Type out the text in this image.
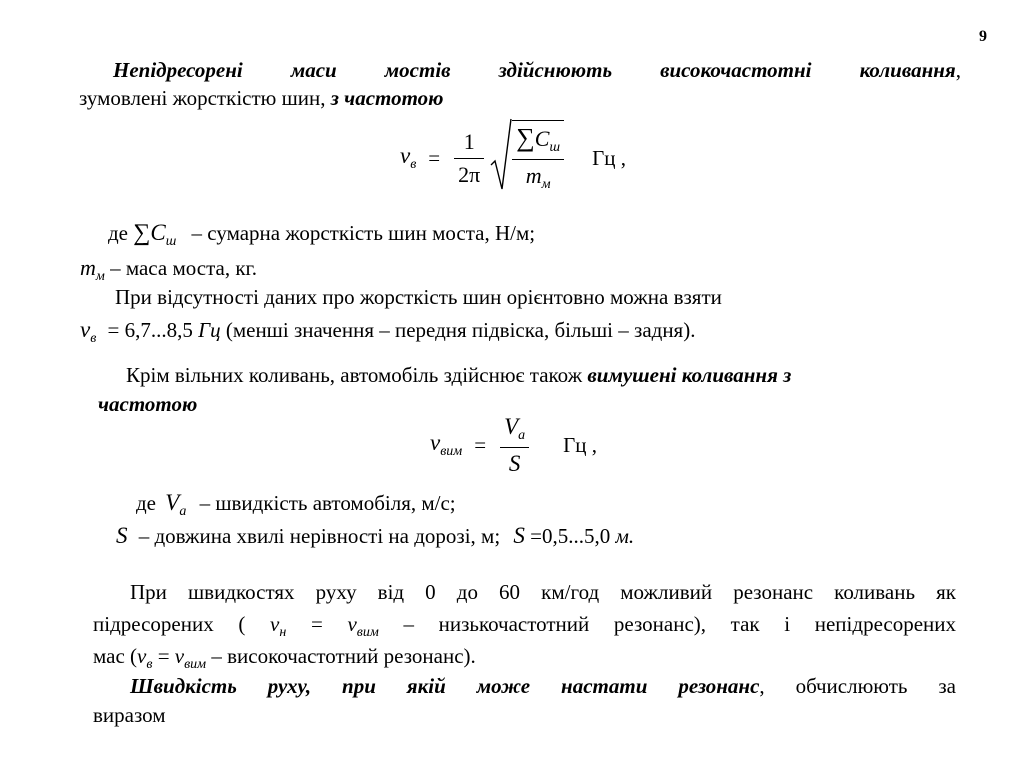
9
Непідресорені маси мостів здійснюють високочастотні коливання,
зумовлені жорсткістю шин, з частотою
$\nu_в = \frac{1}{2\pi} \frac{\sum C_ш}{m_м}$ Гц ,
де $\sum C_ш$ – сумарна жорсткість шин моста, Н/м;
$m_м$ – маса моста, кг.
При відсутності даних про жорсткість шин орієнтовно можна взяти
$\nu_в = 6,7...8,5$ Гц (менші значення – передня підвіска, більші – задня).
Крім вільних коливань, автомобіль здійснює також вимушені коливання з
частотою
$\nu_{вим} = \frac{V_a}{S}$ Гц ,
де $V_a$ – швидкість автомобіля, м/с;
S – довжина хвилі нерівності на дорозі, м; S =0,5...5,0 м.
При швидкостях руху від 0 до 60 км/год можливий резонанс коливань як
підресорених ( $\nu_н = \nu_{вим}$ – низькочастотний резонанс), так і непідресорених
мас ($\nu_в = \nu_{вим}$ – високочастотний резонанс).
Швидкість руху, при якій може настати резонанс, обчислюють за
виразом
